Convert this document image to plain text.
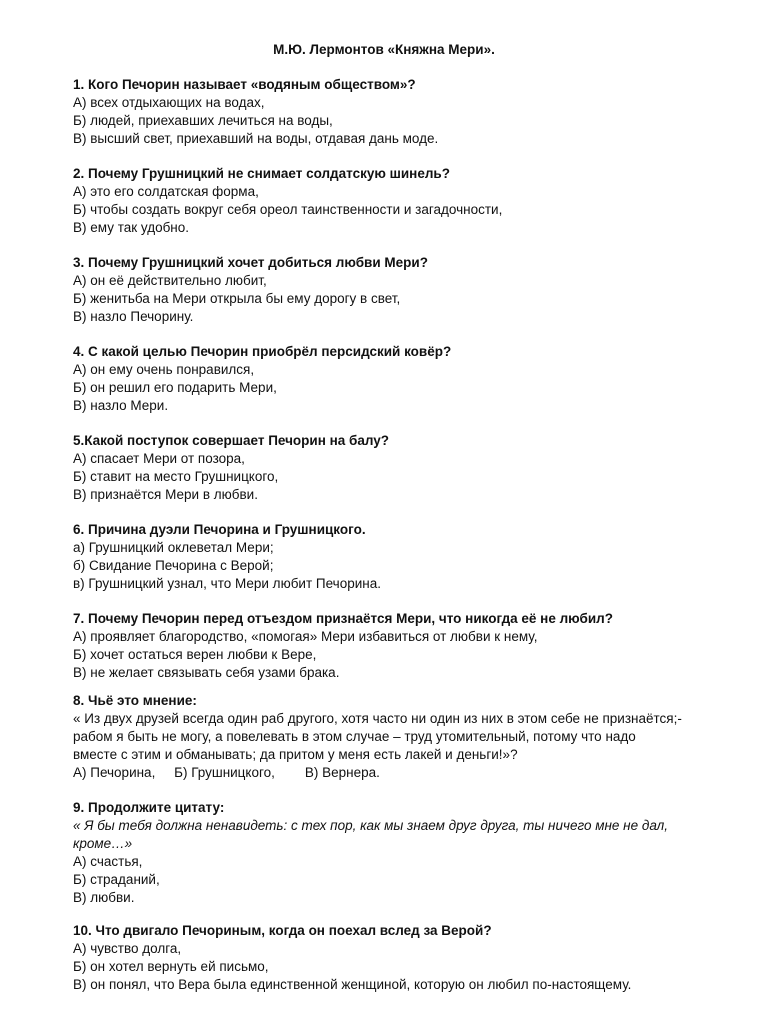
М.Ю. Лермонтов «Княжна Мери».
1. Кого Печорин называет «водяным обществом»?
А) всех отдыхающих на водах,
Б) людей, приехавших лечиться на воды,
В) высший свет, приехавший на воды, отдавая дань моде.
2. Почему Грушницкий не снимает солдатскую шинель?
А) это его солдатская форма,
Б) чтобы создать вокруг себя ореол таинственности и загадочности,
В) ему так удобно.
3. Почему Грушницкий хочет добиться любви Мери?
А) он её действительно любит,
Б) женитьба на Мери открыла бы ему дорогу в свет,
В) назло Печорину.
4. С какой целью Печорин приобрёл персидский ковёр?
А) он ему очень понравился,
Б) он решил его подарить Мери,
В) назло Мери.
5.Какой поступок совершает Печорин на балу?
А) спасает Мери от позора,
Б) ставит на место Грушницкого,
В) признаётся Мери в любви.
6. Причина дуэли Печорина и Грушницкого.
а) Грушницкий оклеветал Мери;
б) Свидание Печорина с Верой;
в) Грушницкий узнал, что Мери любит Печорина.
7. Почему Печорин перед отъездом признаётся Мери, что никогда её не любил?
А) проявляет благородство, «помогая» Мери избавиться от любви к нему,
Б) хочет остаться верен любви к Вере,
В) не желает связывать себя узами брака.
8. Чьё это мнение:
« Из двух друзей всегда один раб другого, хотя часто ни один из них в этом себе не признаётся;-
рабом я быть не могу, а повелевать в этом случае – труд утомительный, потому что надо
вместе с этим и обманывать; да притом у меня есть лакей и деньги!»?
А) Печорина, Б) Грушницкого, В) Вернера.
9. Продолжите цитату:
« Я бы тебя должна ненавидеть: с тех пор, как мы знаем друг друга, ты ничего мне не дал,
кроме…»
А) счастья,
Б) страданий,
В) любви.
10. Что двигало Печориным, когда он поехал вслед за Верой?
А) чувство долга,
Б) он хотел вернуть ей письмо,
В) он понял, что Вера была единственной женщиной, которую он любил по-настоящему.
